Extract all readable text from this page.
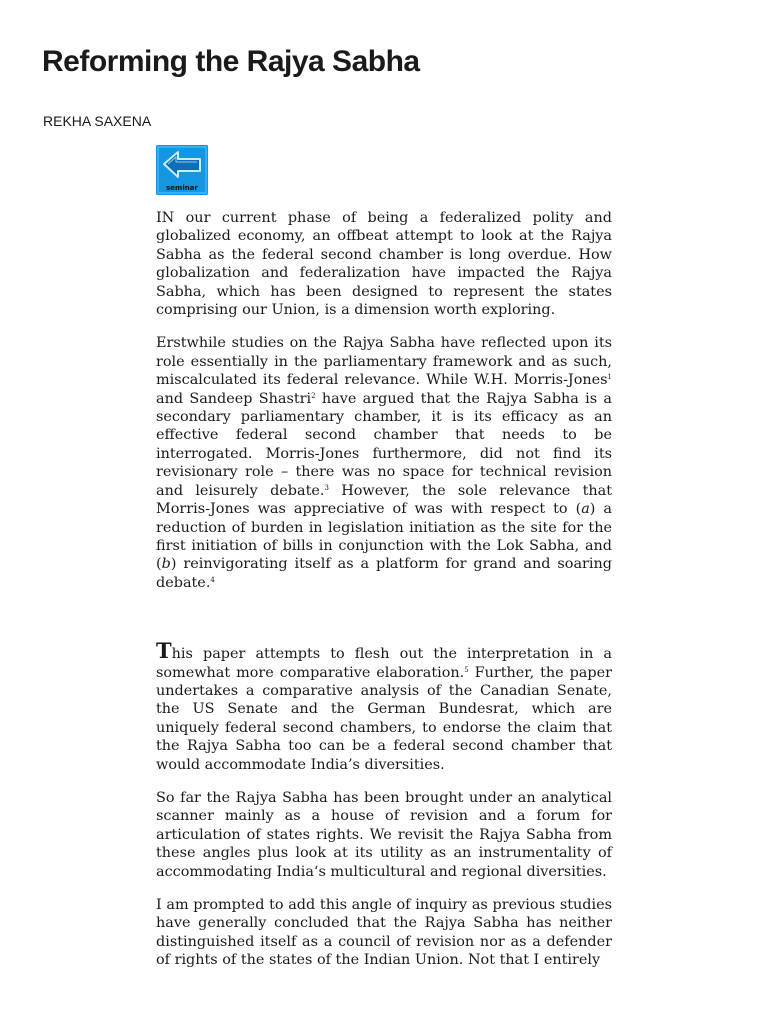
Reforming the Rajya Sabha
REKHA SAXENA
seminar

IN our current phase of being a federalized polity and globalized economy, an offbeat attempt to look at the Rajya Sabha as the federal second chamber is long overdue. How globalization and federalization have impacted the Rajya Sabha, which has been designed to represent the states comprising our Union, is a dimension worth exploring.

Erstwhile studies on the Rajya Sabha have reflected upon its role essentially in the parliamentary framework and as such, miscalculated its federal relevance. While W.H. Morris-Jones$^1$ and Sandeep Shastri$^2$ have argued that the Rajya Sabha is a secondary parliamentary chamber, it is its efficacy as an effective federal second chamber that needs to be interrogated. Morris-Jones furthermore, did not find its revisionary role – there was no space for technical revision and leisurely debate.$^3$ However, the sole relevance that Morris-Jones was appreciative of was with respect to (a) a reduction of burden in legislation initiation as the site for the first initiation of bills in conjunction with the Lok Sabha, and (b) reinvigorating itself as a platform for grand and soaring debate.$^4$

This paper attempts to flesh out the interpretation in a somewhat more comparative elaboration.$^5$ Further, the paper undertakes a comparative analysis of the Canadian Senate, the US Senate and the German Bundesrat, which are uniquely federal second chambers, to endorse the claim that the Rajya Sabha too can be a federal second chamber that would accommodate India’s diversities.

So far the Rajya Sabha has been brought under an analytical scanner mainly as a house of revision and a forum for articulation of states rights. We revisit the Rajya Sabha from these angles plus look at its utility as an instrumentality of accommodating India‘s multicultural and regional diversities.

I am prompted to add this angle of inquiry as previous studies have generally concluded that the Rajya Sabha has neither distinguished itself as a council of revision nor as a defender of rights of the states of the Indian Union. Not that I entirely
